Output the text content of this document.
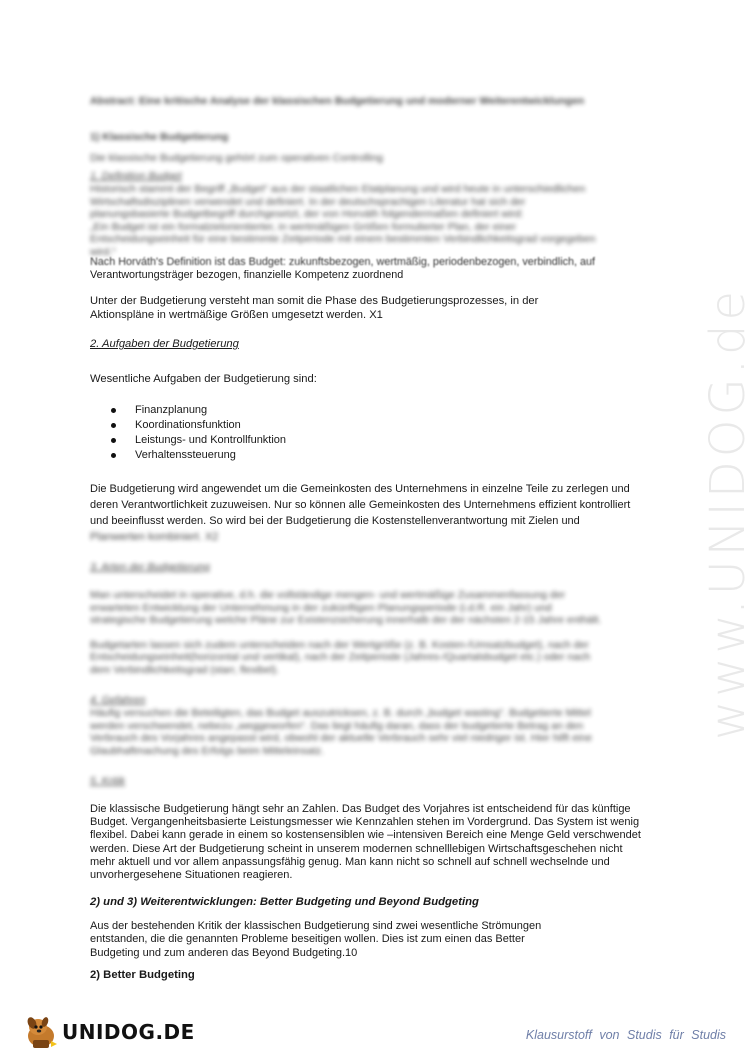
www.UNIDOG.de
Abstract: Eine kritische Analyse der klassischen Budgetierung und moderner Weiterentwicklungen
1) Klassische Budgetierung
Die klassische Budgetierung gehört zum operativen Controlling
1. Definition Budget
Historisch stammt der Begriff „Budget“ aus der staatlichen Etatplanung und wird heute in unterschiedlichen
Wirtschaftsdisziplinen verwendet und definiert. In der deutschsprachigen Literatur hat sich der
planungsbasierte Budgetbegriff durchgesetzt, der von Horváth folgendermaßen definiert wird:
„Ein Budget ist ein formalzielorientierter, in wertmäßigen Größen formulierter Plan, der einer
Entscheidungseinheit für eine bestimmte Zeitperiode mit einem bestimmten Verbindlichkeitsgrad vorgegeben
wird.“
Nach Horváth's Definition ist das Budget: zukunftsbezogen, wertmäßig, periodenbezogen, verbindlich, auf
Verantwortungsträger bezogen, finanzielle Kompetenz zuordnend
Unter der Budgetierung versteht man somit die Phase des Budgetierungsprozesses, in der
Aktionspläne in wertmäßige Größen umgesetzt werden. X1
2. Aufgaben der Budgetierung
Wesentliche Aufgaben der Budgetierung sind:
Finanzplanung
Koordinationsfunktion
Leistungs- und Kontrollfunktion
Verhaltenssteuerung
Die Budgetierung wird angewendet um die Gemeinkosten des Unternehmens in einzelne Teile zu zerlegen und
deren Verantwortlichkeit zuzuweisen. Nur so können alle Gemeinkosten des Unternehmens effizient kontrolliert
und beeinflusst werden. So wird bei der Budgetierung die Kostenstellenverantwortung mit Zielen und
Planwerten kombiniert. X2
3. Arten der Budgetierung
Man unterscheidet in operative, d.h. die vollständige mengen- und wertmäßige Zusammenfassung der
erwarteten Entwicklung der Unternehmung in der zukünftigen Planungsperiode (i.d.R. ein Jahr) und
strategische Budgetierung welche Pläne zur Existenzsicherung innerhalb der der nächsten 2-15 Jahre enthält.
Budgetarten lassen sich zudem unterscheiden nach der Wertgröße (z. B. Kosten-/Umsatzbudget), nach der
Entscheidungseinheit(horizontal und vertikal), nach der Zeitperiode (Jahres-/Quartalsbudget etc.) oder nach
dem Verbindlichkeitsgrad (starr, flexibel).
4. Gefahren
Häufig versuchen die Beteiligten, das Budget auszutricksen, z. B. durch „budget wasting“. Budgetierte Mittel
werden verschwendet, nebezu „weggeworfen“. Das liegt häufig daran, dass der budgetierte Betrag an den
Verbrauch des Vorjahres angepasst wird, obwohl der aktuelle Verbrauch sehr viel niedriger ist. Hier hilft eine
Glaubhaftmachung des Erfolgs beim Mitteleinsatz.
5. Kritik
Die klassische Budgetierung hängt sehr an Zahlen. Das Budget des Vorjahres ist entscheidend für das künftige
Budget. Vergangenheitsbasierte Leistungsmesser wie Kennzahlen stehen im Vordergrund. Das System ist wenig
flexibel. Dabei kann gerade in einem so kostensensiblen wie –intensiven Bereich eine Menge Geld verschwendet
werden. Diese Art der Budgetierung scheint in unserem modernen schnelllebigen Wirtschaftsgeschehen nicht
mehr aktuell und vor allem anpassungsfähig genug. Man kann nicht so schnell auf schnell wechselnde und
unvorhergesehene Situationen reagieren.
2) und 3) Weiterentwicklungen: Better Budgeting und Beyond Budgeting
Aus der bestehenden Kritik der klassischen Budgetierung sind zwei wesentliche Strömungen
entstanden, die die genannten Probleme beseitigen wollen. Dies ist zum einen das Better
Budgeting und zum anderen das Beyond Budgeting.10
2) Better Budgeting
UNIDOG.DE	Klausurstoff von Studis für Studis
